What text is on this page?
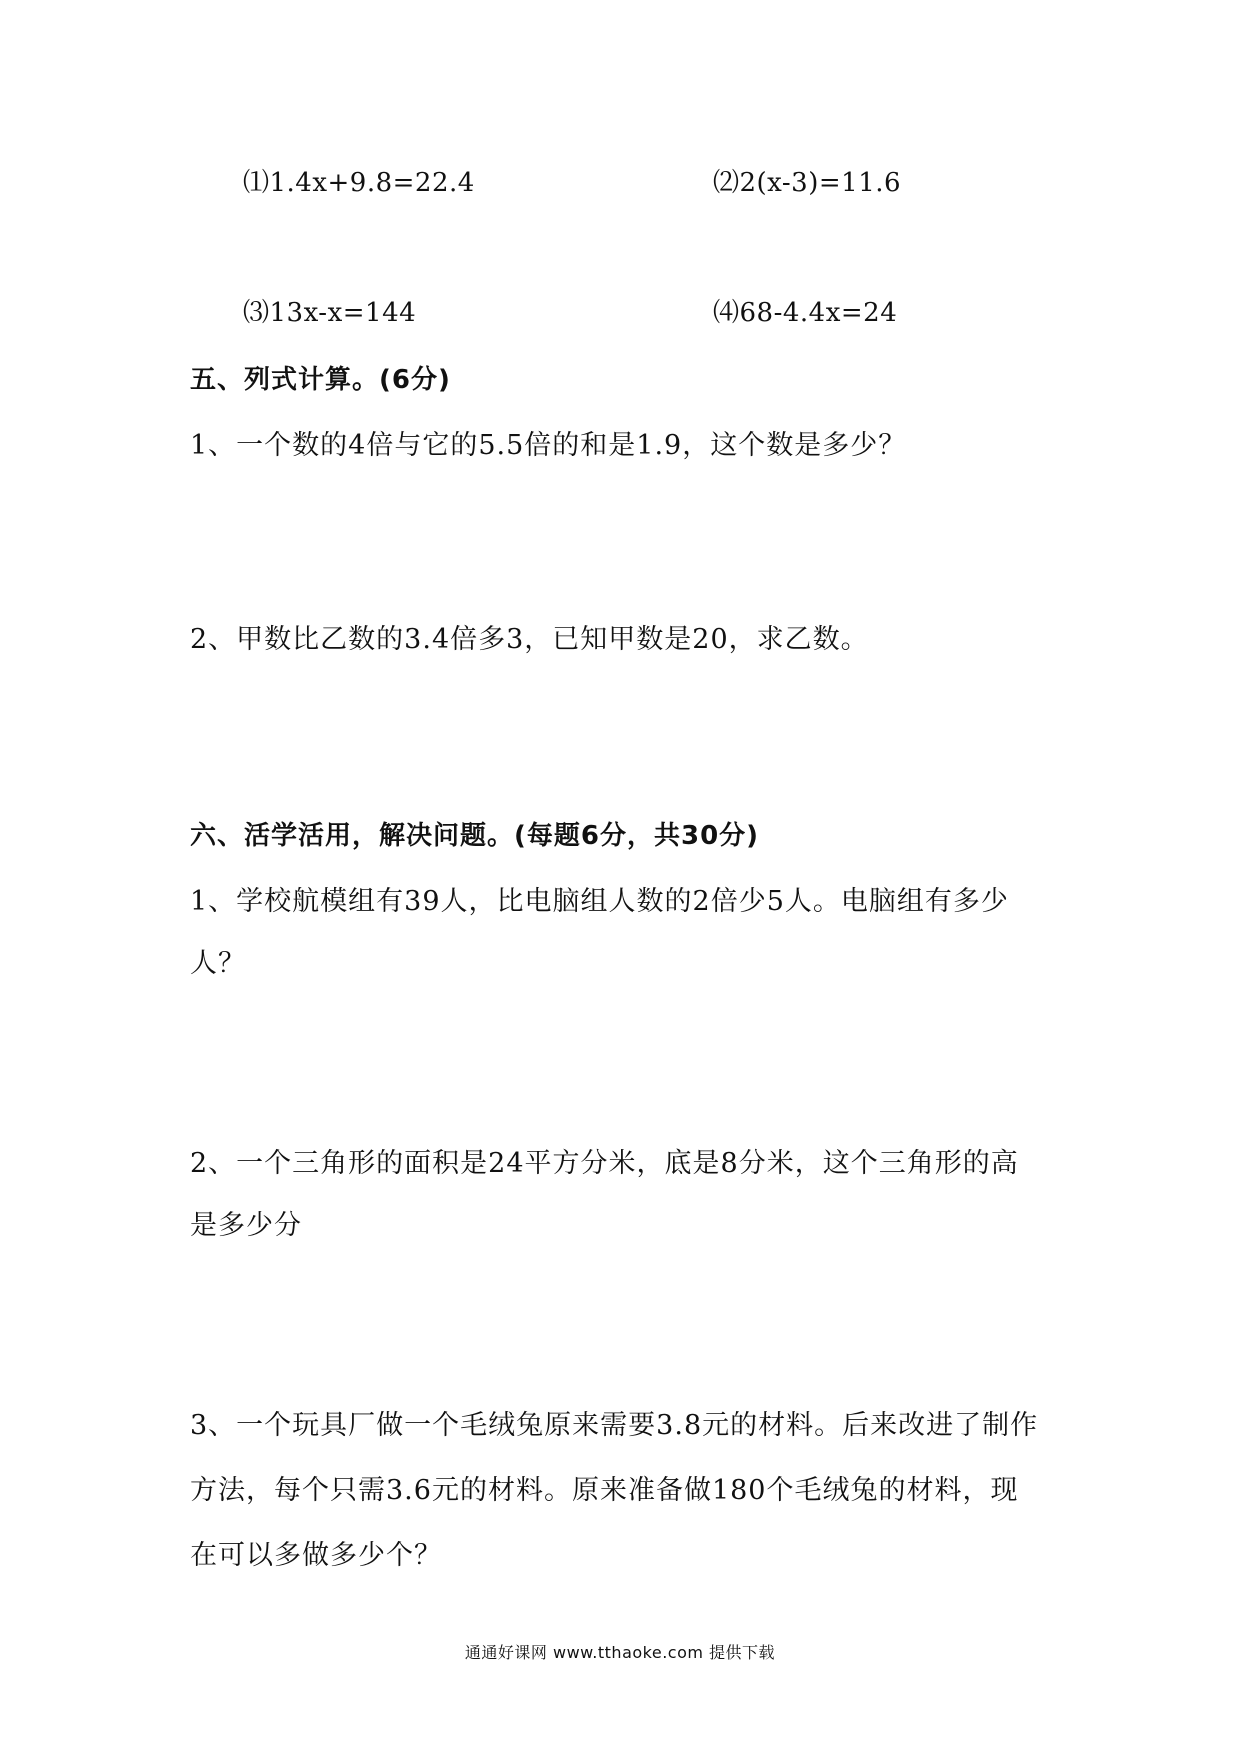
⑴1.4x+9.8=22.4	⑵2(x-3)=11.6
⑶13x-x=144	⑷68-4.4x=24
五、列式计算。(6分)
1、一个数的4倍与它的5.5倍的和是1.9，这个数是多少？
2、甲数比乙数的3.4倍多3，已知甲数是20，求乙数。
六、活学活用，解决问题。(每题6分，共30分)
1、学校航模组有39人，比电脑组人数的2倍少5人。电脑组有多少
人？
2、一个三角形的面积是24平方分米，底是8分米，这个三角形的高
是多少分
3、一个玩具厂做一个毛绒兔原来需要3.8元的材料。后来改进了制作
方法，每个只需3.6元的材料。原来准备做180个毛绒兔的材料，现
在可以多做多少个？
通通好课网 www.tthaoke.com 提供下载
